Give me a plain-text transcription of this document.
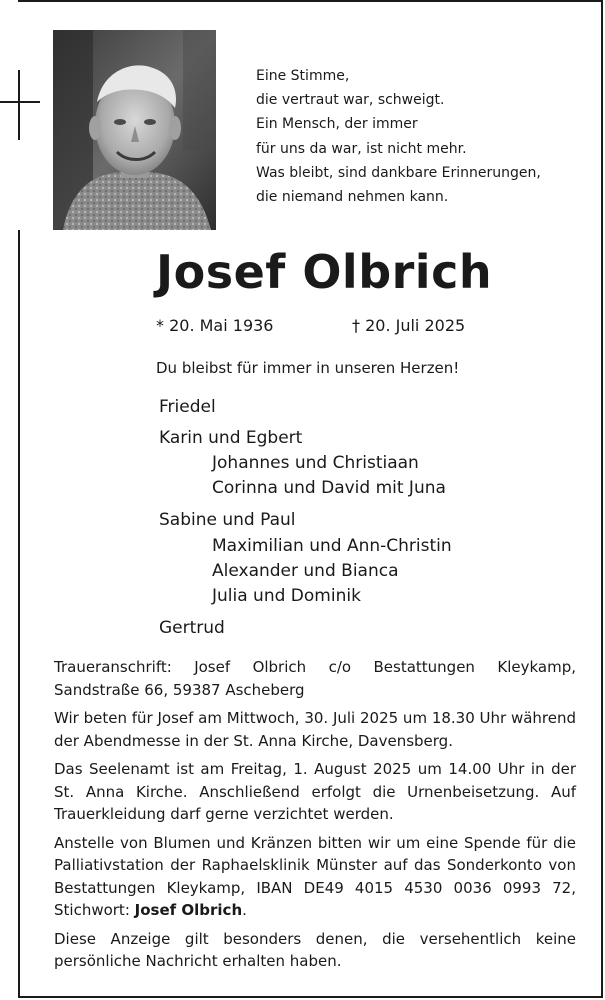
Eine Stimme,
die vertraut war, schweigt.
Ein Mensch, der immer
für uns da war, ist nicht mehr.
Was bleibt, sind dankbare Erinnerungen,
die niemand nehmen kann.
Josef Olbrich
* 20. Mai 1936	† 20. Juli 2025
Du bleibst für immer in unseren Herzen!
Friedel
Karin und Egbert
Johannes und Christiaan
Corinna und David mit Juna
Sabine und Paul
Maximilian und Ann-Christin
Alexander und Bianca
Julia und Dominik
Gertrud

Traueranschrift: Josef Olbrich c/o Bestattungen Kleykamp, Sandstraße 66, 59387 Ascheberg

Wir beten für Josef am Mittwoch, 30. Juli 2025 um 18.30 Uhr während der Abendmesse in der St. Anna Kirche, Davensberg.

Das Seelenamt ist am Freitag, 1. August 2025 um 14.00 Uhr in der St. Anna Kirche. Anschließend erfolgt die Urnenbeisetzung. Auf Trauerkleidung darf gerne verzichtet werden.

Anstelle von Blumen und Kränzen bitten wir um eine Spende für die Palliativstation der Raphaelsklinik Münster auf das Sonderkonto von Bestattungen Kleykamp, IBAN DE49 4015 4530 0036 0993 72, Stichwort: Josef Olbrich.

Diese Anzeige gilt besonders denen, die versehentlich keine persönliche Nachricht erhalten haben.
